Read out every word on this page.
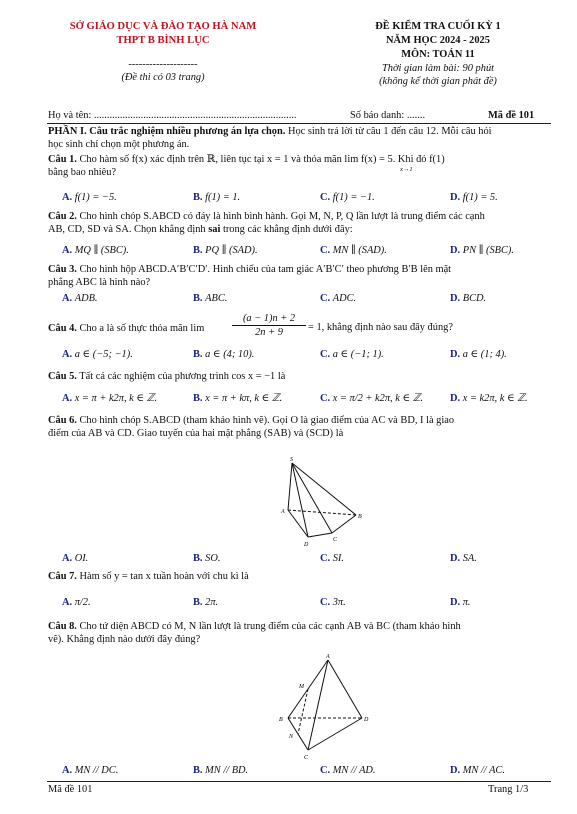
SỞ GIÁO DỤC VÀ ĐÀO TẠO HÀ NAM
THPT B BÌNH LỤC
--------------------
(Đề thi có 03 trang)
ĐỀ KIỂM TRA CUỐI KỲ 1
NĂM HỌC 2024 - 2025
MÔN: TOÁN 11
Thời gian làm bài: 90 phút
(không kể thời gian phát đề)
Họ và tên: ..............................................................................	Số báo danh: .......	Mã đề 101
PHẦN I. Câu trắc nghiệm nhiều phương án lựa chọn. Học sinh trả lời từ câu 1 đến câu 12. Mỗi câu hỏi
học sinh chỉ chọn một phương án.
Câu 1. Cho hàm số f(x) xác định trên ℝ, liên tục tại x = 1 và thỏa mãn lim f(x) = 5. Khi đó f(1)
bằng bao nhiêu?	x→1
A. f(1) = −5.	B. f(1) = 1.	C. f(1) = −1.	D. f(1) = 5.
Câu 2. Cho hình chóp S.ABCD có đáy là hình bình hành. Gọi M, N, P, Q lần lượt là trung điểm các cạnh
AB, CD, SD và SA. Chọn khẳng định sai trong các khẳng định dưới đây:
A. MQ ∥ (SBC).	B. PQ ∥ (SAD).	C. MN ∥ (SAD).	D. PN ∥ (SBC).
Câu 3. Cho hình hộp ABCD.A′B′C′D′. Hình chiếu của tam giác A′B′C′ theo phương B′B lên mặt
phẳng ABC là hình nào?
A. ADB.	B. ABC.	C. ADC.	D. BCD.
Câu 4. Cho a là số thực thỏa mãn lim	$\frac{(a - 1)n + 2}{2n + 9} = 1$, khẳng định nào sau đây đúng?
A. a ∈ (−5; −1).	B. a ∈ (4; 10).	C. a ∈ (−1; 1).	D. a ∈ (1; 4).
Câu 5. Tất cả các nghiệm của phương trình cos x = −1 là
A. x = π + k2π, k ∈ ℤ.	B. x = π + kπ, k ∈ ℤ.	C. x = π/2 + k2π, k ∈ ℤ.	D. x = k2π, k ∈ ℤ.
Câu 6. Cho hình chóp S.ABCD (tham khảo hình vẽ). Gọi O là giao điểm của AC và BD, I là giao
điểm của AB và CD. Giao tuyến của hai mặt phẳng (SAB) và (SCD) là
S
A
B
C
D
A. OI.	B. SO.	C. SI.	D. SA.
Câu 7. Hàm số y = tan x tuần hoàn với chu kì là
A. π/2.	B. 2π.	C. 3π.	D. π.
Câu 8. Cho tứ diện ABCD có M, N lần lượt là trung điểm của các cạnh AB và BC (tham khảo hình
vẽ). Khẳng định nào dưới đây đúng?
A
M
B
N
C
D
A. MN // DC.	B. MN // BD.	C. MN // AD.	D. MN // AC.
Mã đề 101	Trang 1/3
